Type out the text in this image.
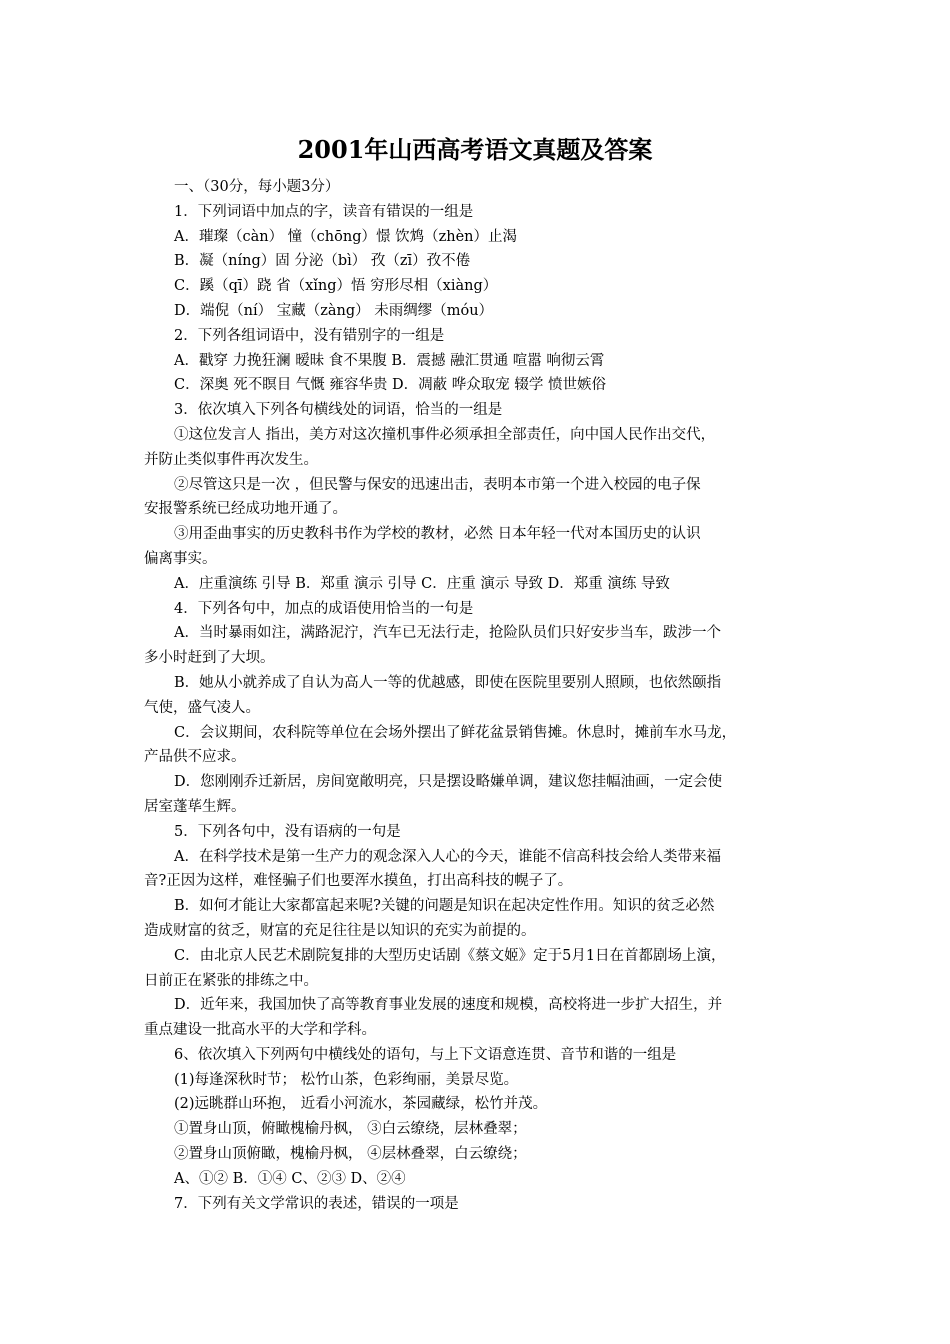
2001年山西高考语文真题及答案
一、（30分，每小题3分）
1．下列词语中加点的字，读音有错误的一组是
A．璀璨（càn） 憧（chōng）憬 饮鸩（zhèn）止渴
B．凝（níng）固 分泌（bì） 孜（zī）孜不倦
C．蹊（qī）跷 省（xǐng）悟 穷形尽相（xiàng）
D．端倪（ní） 宝藏（zàng） 未雨绸缪（móu）
2．下列各组词语中，没有错别字的一组是
A．戳穿 力挽狂澜 暧昧 食不果腹 B．震撼 融汇贯通 喧嚣 响彻云霄
C．深奥 死不瞑目 气慨 雍容华贵 D．凋蔽 哗众取宠 辍学 愤世嫉俗
3．依次填入下列各句横线处的词语，恰当的一组是
①这位发言人 指出，美方对这次撞机事件必须承担全部责任，向中国人民作出交代，
并防止类似事件再次发生。
②尽管这只是一次 ，但民警与保安的迅速出击，表明本市第一个进入校园的电子保
安报警系统已经成功地开通了。
③用歪曲事实的历史教科书作为学校的教材，必然 日本年轻一代对本国历史的认识
偏离事实。
A．庄重演练 引导 B．郑重 演示 引导 C．庄重 演示 导致 D．郑重 演练 导致
4．下列各句中，加点的成语使用恰当的一句是
A．当时暴雨如注，满路泥泞，汽车已无法行走，抢险队员们只好安步当车，跋涉一个
多小时赶到了大坝。
B．她从小就养成了自认为高人一等的优越感，即使在医院里要别人照顾，也依然颐指
气使，盛气凌人。
C．会议期间，农科院等单位在会场外摆出了鲜花盆景销售摊。休息时，摊前车水马龙，
产品供不应求。
D．您刚刚乔迁新居，房间宽敞明亮，只是摆设略嫌单调，建议您挂幅油画，一定会使
居室蓬荜生辉。
5．下列各句中，没有语病的一句是
A．在科学技术是第一生产力的观念深入人心的今天，谁能不信高科技会给人类带来福
音?正因为这样，难怪骗子们也要浑水摸鱼，打出高科技的幌子了。
B．如何才能让大家都富起来呢?关键的问题是知识在起决定性作用。知识的贫乏必然
造成财富的贫乏，财富的充足往往是以知识的充实为前提的。
C．由北京人民艺术剧院复排的大型历史话剧《蔡文姬》定于5月1日在首都剧场上演，
日前正在紧张的排练之中。
D．近年来，我国加快了高等教育事业发展的速度和规模，高校将进一步扩大招生，并
重点建设一批高水平的大学和学科。
6、依次填入下列两句中横线处的语句，与上下文语意连贯、音节和谐的一组是
(1)每逢深秋时节； 松竹山茶，色彩绚丽，美景尽览。
(2)远眺群山环抱， 近看小河流水，茶园藏绿，松竹并茂。
①置身山顶，俯瞰槐榆丹枫， ③白云缭绕，层林叠翠；
②置身山顶俯瞰，槐榆丹枫， ④层林叠翠，白云缭绕；
A、①② B．①④ C、②③ D、②④
7．下列有关文学常识的表述，错误的一项是
